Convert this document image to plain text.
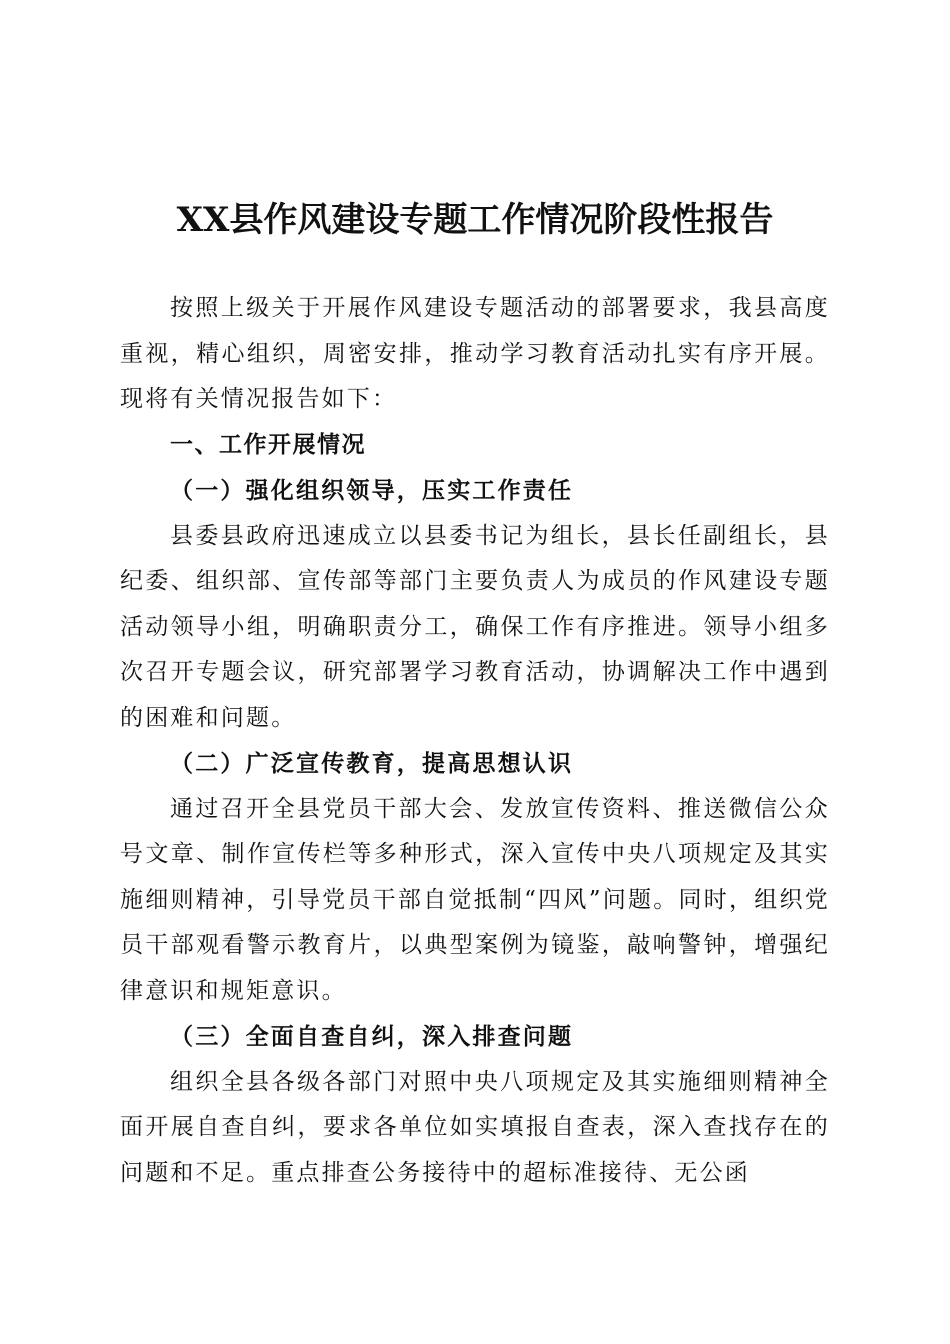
XX县作风建设专题工作情况阶段性报告

按照上级关于开展作风建设专题活动的部署要求，我县高度重视，精心组织，周密安排，推动学习教育活动扎实有序开展。现将有关情况报告如下：

一、工作开展情况

（一）强化组织领导，压实工作责任

县委县政府迅速成立以县委书记为组长，县长任副组长，县纪委、组织部、宣传部等部门主要负责人为成员的作风建设专题活动领导小组，明确职责分工，确保工作有序推进。领导小组多次召开专题会议，研究部署学习教育活动，协调解决工作中遇到的困难和问题。

（二）广泛宣传教育，提高思想认识

通过召开全县党员干部大会、发放宣传资料、推送微信公众号文章、制作宣传栏等多种形式，深入宣传中央八项规定及其实施细则精神，引导党员干部自觉抵制“四风”问题。同时，组织党员干部观看警示教育片，以典型案例为镜鉴，敲响警钟，增强纪律意识和规矩意识。

（三）全面自查自纠，深入排查问题

组织全县各级各部门对照中央八项规定及其实施细则精神全面开展自查自纠，要求各单位如实填报自查表，深入查找存在的问题和不足。重点排查公务接待中的超标准接待、无公函
